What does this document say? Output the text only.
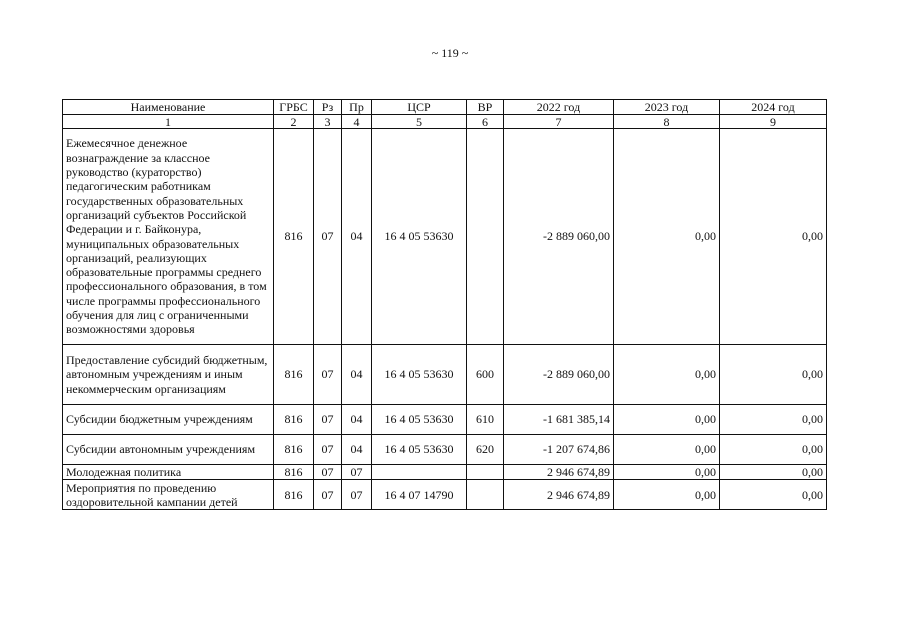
~ 119 ~
Наименование	ГРБС	Рз	Пр	ЦСР	ВР	2022 год	2023 год	2024 год
1	2	3	4	5	6	7	8	9
Ежемесячное денежное вознаграждение за классное руководство (кураторство) педагогическим работникам государственных образовательных организаций субъектов Российской Федерации и г. Байконура, муниципальных образовательных организаций, реализующих образовательные программы среднего профессионального образования, в том числе программы профессионального обучения для лиц с ограниченными возможностями здоровья	816	07	04	16 4 05 53630		-2 889 060,00	0,00	0,00
Предоставление субсидий бюджетным, автономным учреждениям и иным некоммерческим организациям	816	07	04	16 4 05 53630	600	-2 889 060,00	0,00	0,00
Субсидии бюджетным учреждениям	816	07	04	16 4 05 53630	610	-1 681 385,14	0,00	0,00
Субсидии автономным учреждениям	816	07	04	16 4 05 53630	620	-1 207 674,86	0,00	0,00
Молодежная политика	816	07	07			2 946 674,89	0,00	0,00
Мероприятия по проведению оздоровительной кампании детей	816	07	07	16 4 07 14790		2 946 674,89	0,00	0,00
